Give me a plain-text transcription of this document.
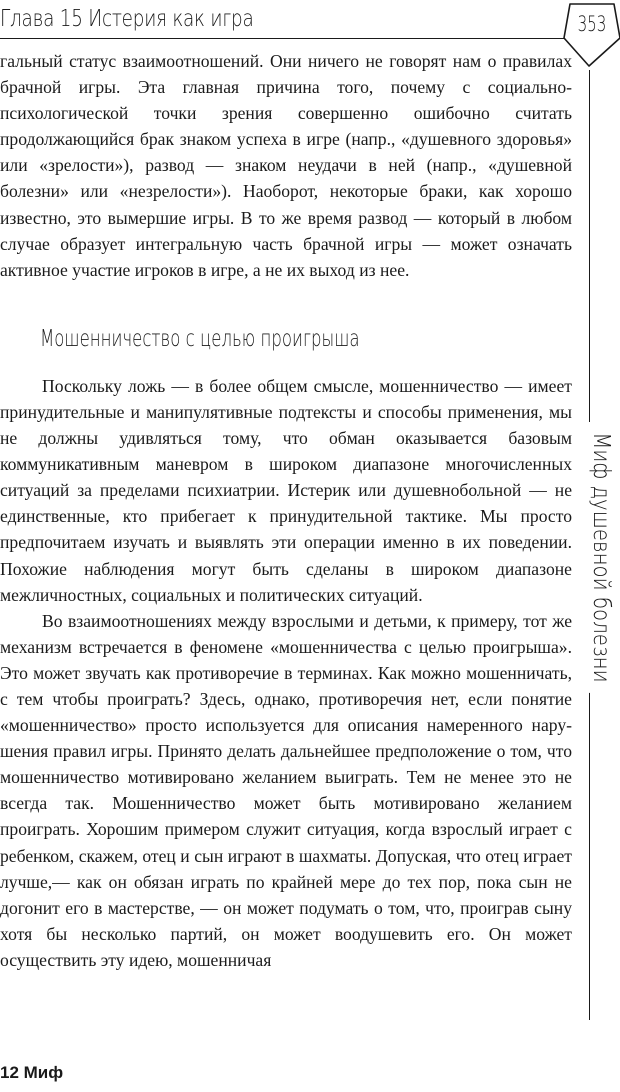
Глава 15 Истерия как игра	353
Миф душевной болезни

гальный статус взаимоотношений. Они ничего не говорят нам о правилах брачной игры. Эта главная причина того, почему с социально-психологической точки зрения совершенно ошибочно считать продолжающийся брак знаком успеха в игре (напр., «душевного здоровья» или «зрелости»), развод — знаком неудачи в ней (напр., «душевной болезни» или «незрелости»). Наоборот, некоторые браки, как хорошо известно, это вымершие игры. В то же время развод — который в любом случае образует интегральную часть брачной игры — может означать активное участие игроков в игре, а не их выход из нее.

Мошенничество с целью проигрыша

Поскольку ложь — в более общем смысле, мошенничество — имеет принудительные и манипулятивные подтексты и способы применения, мы не должны удивляться тому, что обман оказывается базовым коммуникативным маневром в широком диапазоне многочисленных ситуаций за пределами психиатрии. Истерик или душевнобольной — не единственные, кто прибегает к принудительной тактике. Мы просто предпочитаем изучать и выявлять эти операции именно в их поведении. Похожие наблюдения могут быть сделаны в широком диапазоне межличностных, социальных и политических ситуаций.

Во взаимоотношениях между взрослыми и детьми, к примеру, тот же механизм встречается в феномене «мошенничества с целью проигрыша». Это может звучать как противоречие в терминах. Как можно мошенничать, с тем чтобы проиграть? Здесь, однако, противоречия нет, если понятие «мошенничество» просто используется для описания намеренного нарушения правил игры. Принято делать дальнейшее предположение о том, что мошенничество мотивировано желанием выиграть. Тем не менее это не всегда так. Мошенничество может быть мотивировано желанием проиграть. Хорошим примером служит ситуация, когда взрослый играет с ребенком, скажем, отец и сын играют в шахматы. Допуская, что отец играет лучше,— как он обязан играть по крайней мере до тех пор, пока сын не догонит его в мастерстве, — он может подумать о том, что, проиграв сыну хотя бы несколько партий, он может воодушевить его. Он может осуществить эту идею, мошенничая

12 Миф
